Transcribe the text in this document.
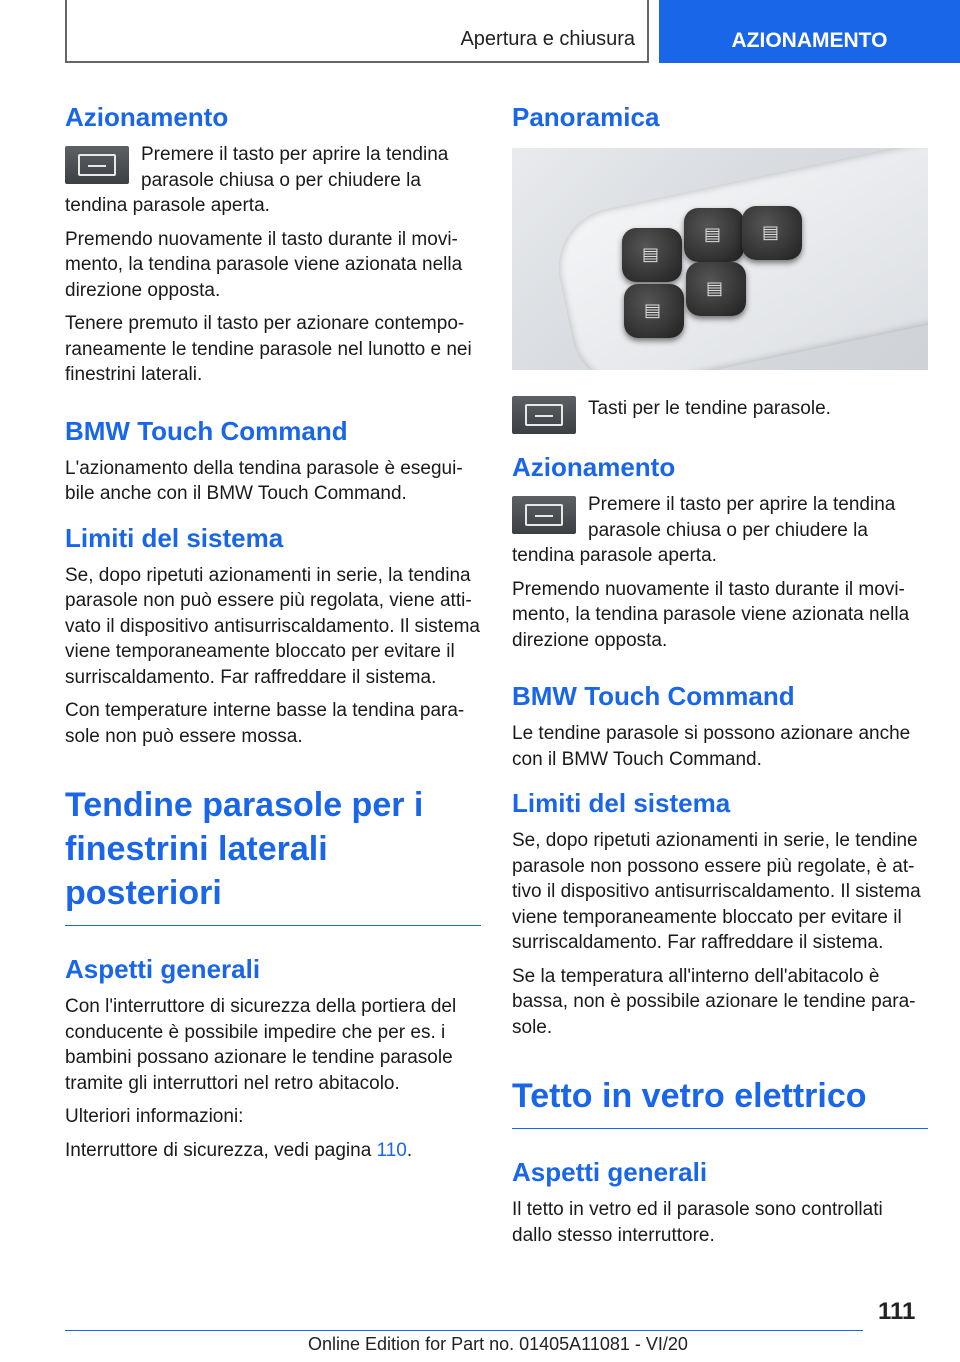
Apertura e chiusura	AZIONAMENTO
Azionamento

Premere il tasto per aprire la tendina parasole chiusa o per chiudere la tendina parasole aperta.

Premendo nuovamente il tasto durante il movimento, la tendina parasole viene azionata nella direzione opposta.

Tenere premuto il tasto per azionare contemporaneamente le tendine parasole nel lunotto e nei finestrini laterali.

BMW Touch Command

L'azionamento della tendina parasole è eseguibile anche con il BMW Touch Command.

Limiti del sistema

Se, dopo ripetuti azionamenti in serie, la tendina parasole non può essere più regolata, viene attivato il dispositivo antisurriscaldamento. Il sistema viene temporaneamente bloccato per evitare il surriscaldamento. Far raffreddare il sistema.

Con temperature interne basse la tendina parasole non può essere mossa.

Tendine parasole per i finestrini laterali posteriori
Aspetti generali

Con l'interruttore di sicurezza della portiera del conducente è possibile impedire che per es. i bambini possano azionare le tendine parasole tramite gli interruttori nel retro abitacolo.

Ulteriori informazioni:

Interruttore di sicurezza, vedi pagina 110.

Panoramica
▤
▤ ▤
▤
▤

Tasti per le tendine parasole.

Azionamento

Premere il tasto per aprire la tendina parasole chiusa o per chiudere la tendina parasole aperta.

Premendo nuovamente il tasto durante il movimento, la tendina parasole viene azionata nella direzione opposta.

BMW Touch Command

Le tendine parasole si possono azionare anche con il BMW Touch Command.

Limiti del sistema

Se, dopo ripetuti azionamenti in serie, le tendine parasole non possono essere più regolate, è attivo il dispositivo antisurriscaldamento. Il sistema viene temporaneamente bloccato per evitare il surriscaldamento. Far raffreddare il sistema.

Se la temperatura all'interno dell'abitacolo è bassa, non è possibile azionare le tendine parasole.

Tetto in vetro elettrico
Aspetti generali

Il tetto in vetro ed il parasole sono controllati dallo stesso interruttore.

111
Online Edition for Part no. 01405A11081 - VI/20
